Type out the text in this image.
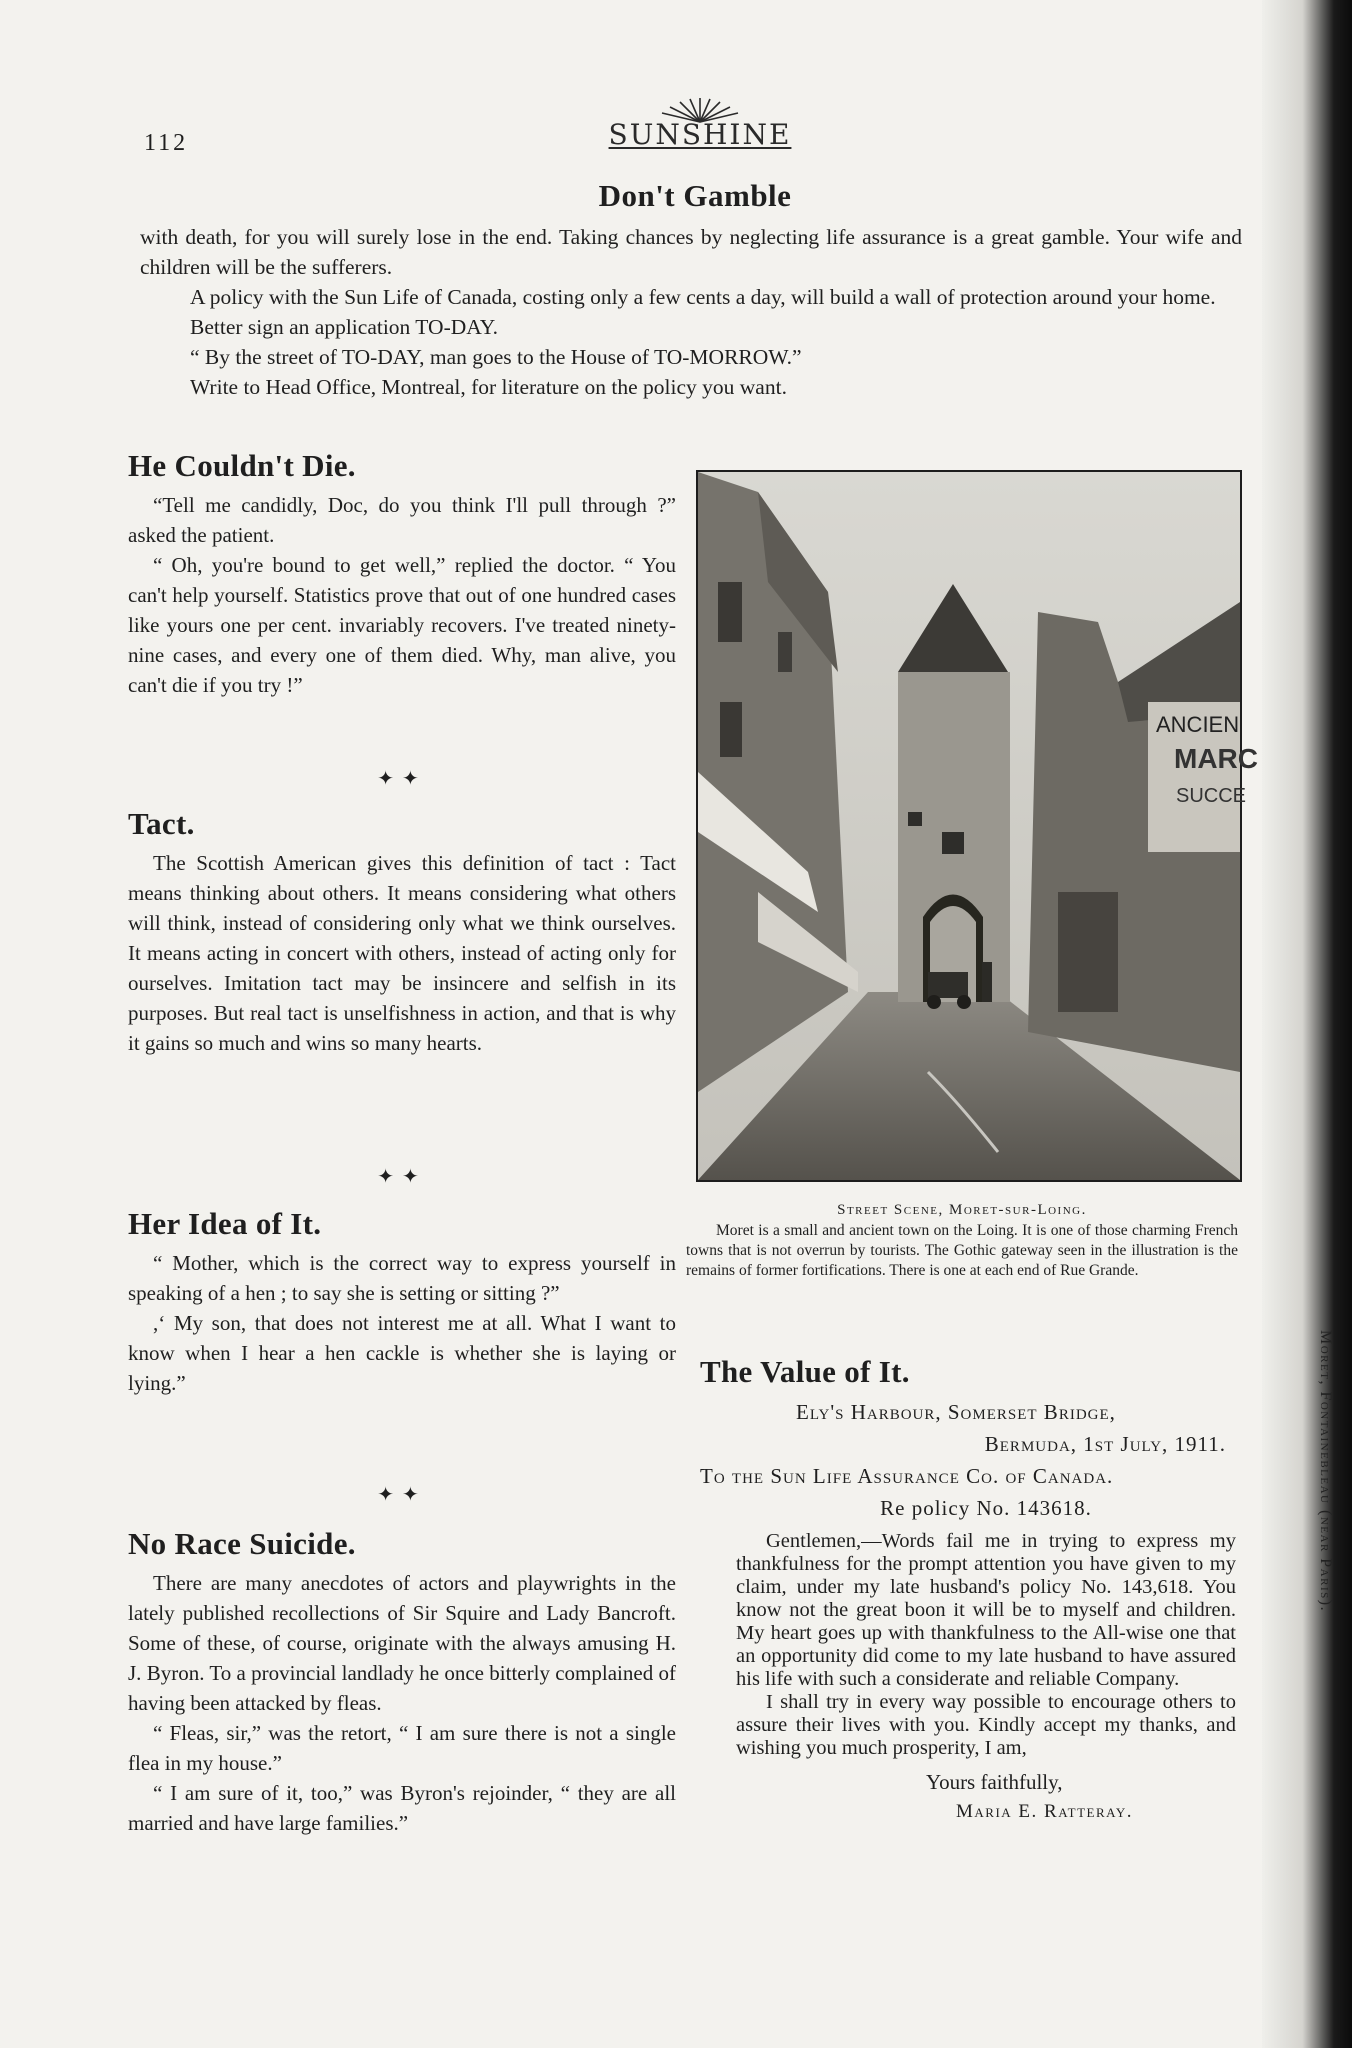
112	SUNSHINE
Don't Gamble

with death, for you will surely lose in the end. Taking chances by neglecting life assurance is a great gamble. Your wife and children will be the sufferers.

A policy with the Sun Life of Canada, costing only a few cents a day, will build a wall of protection around your home.

Better sign an application TO-DAY.

“ By the street of TO-DAY, man goes to the House of TO-MORROW.”

Write to Head Office, Montreal, for literature on the policy you want.

He Couldn't Die.

“Tell me candidly, Doc, do you think I'll pull through ?” asked the patient.

“ Oh, you're bound to get well,” replied the doctor. “ You can't help yourself. Statistics prove that out of one hundred cases like yours one per cent. invariably recovers. I've treated ninety-nine cases, and every one of them died. Why, man alive, you can't die if you try !”

✦✦
Tact.

The Scottish American gives this definition of tact : Tact means thinking about others. It means considering what others will think, instead of considering only what we think ourselves. It means acting in concert with others, instead of acting only for ourselves. Imitation tact may be insincere and selfish in its purposes. But real tact is unselfishness in action, and that is why it gains so much and wins so many hearts.

✦✦
Her Idea of It.

“ Mother, which is the correct way to express yourself in speaking of a hen ; to say she is setting or sitting ?”

,‘ My son, that does not interest me at all. What I want to know when I hear a hen cackle is whether she is laying or lying.”

✦✦
No Race Suicide.

There are many anecdotes of actors and playwrights in the lately published recollections of Sir Squire and Lady Bancroft. Some of these, of course, originate with the always amusing H. J. Byron. To a provincial landlady he once bitterly complained of having been attacked by fleas.

“ Fleas, sir,” was the retort, “ I am sure there is not a single flea in my house.”

“ I am sure of it, too,” was Byron's rejoinder, “ they are all married and have large families.”

ANCIEN
MARC
SUCCE

Street Scene, Moret-sur-Loing.

Moret is a small and ancient town on the Loing. It is one of those charming French towns that is not overrun by tourists. The Gothic gateway seen in the illustration is the remains of former fortifications. There is one at each end of Rue Grande.

The Value of It.

Ely's Harbour, Somerset Bridge,

Bermuda, 1st July, 1911.

To the Sun Life Assurance Co. of Canada.

Re policy No. 143618.

Gentlemen,—Words fail me in trying to express my thankfulness for the prompt attention you have given to my claim, under my late husband's policy No. 143,618. You know not the great boon it will be to myself and children. My heart goes up with thankfulness to the All-wise one that an opportunity did come to my late husband to have assured his life with such a considerate and reliable Company.

I shall try in every way possible to encourage others to assure their lives with you. Kindly accept my thanks, and wishing you much prosperity, I am,

Yours faithfully,

Maria E. Ratteray.

Moret, Fontainebleau (near Paris).
